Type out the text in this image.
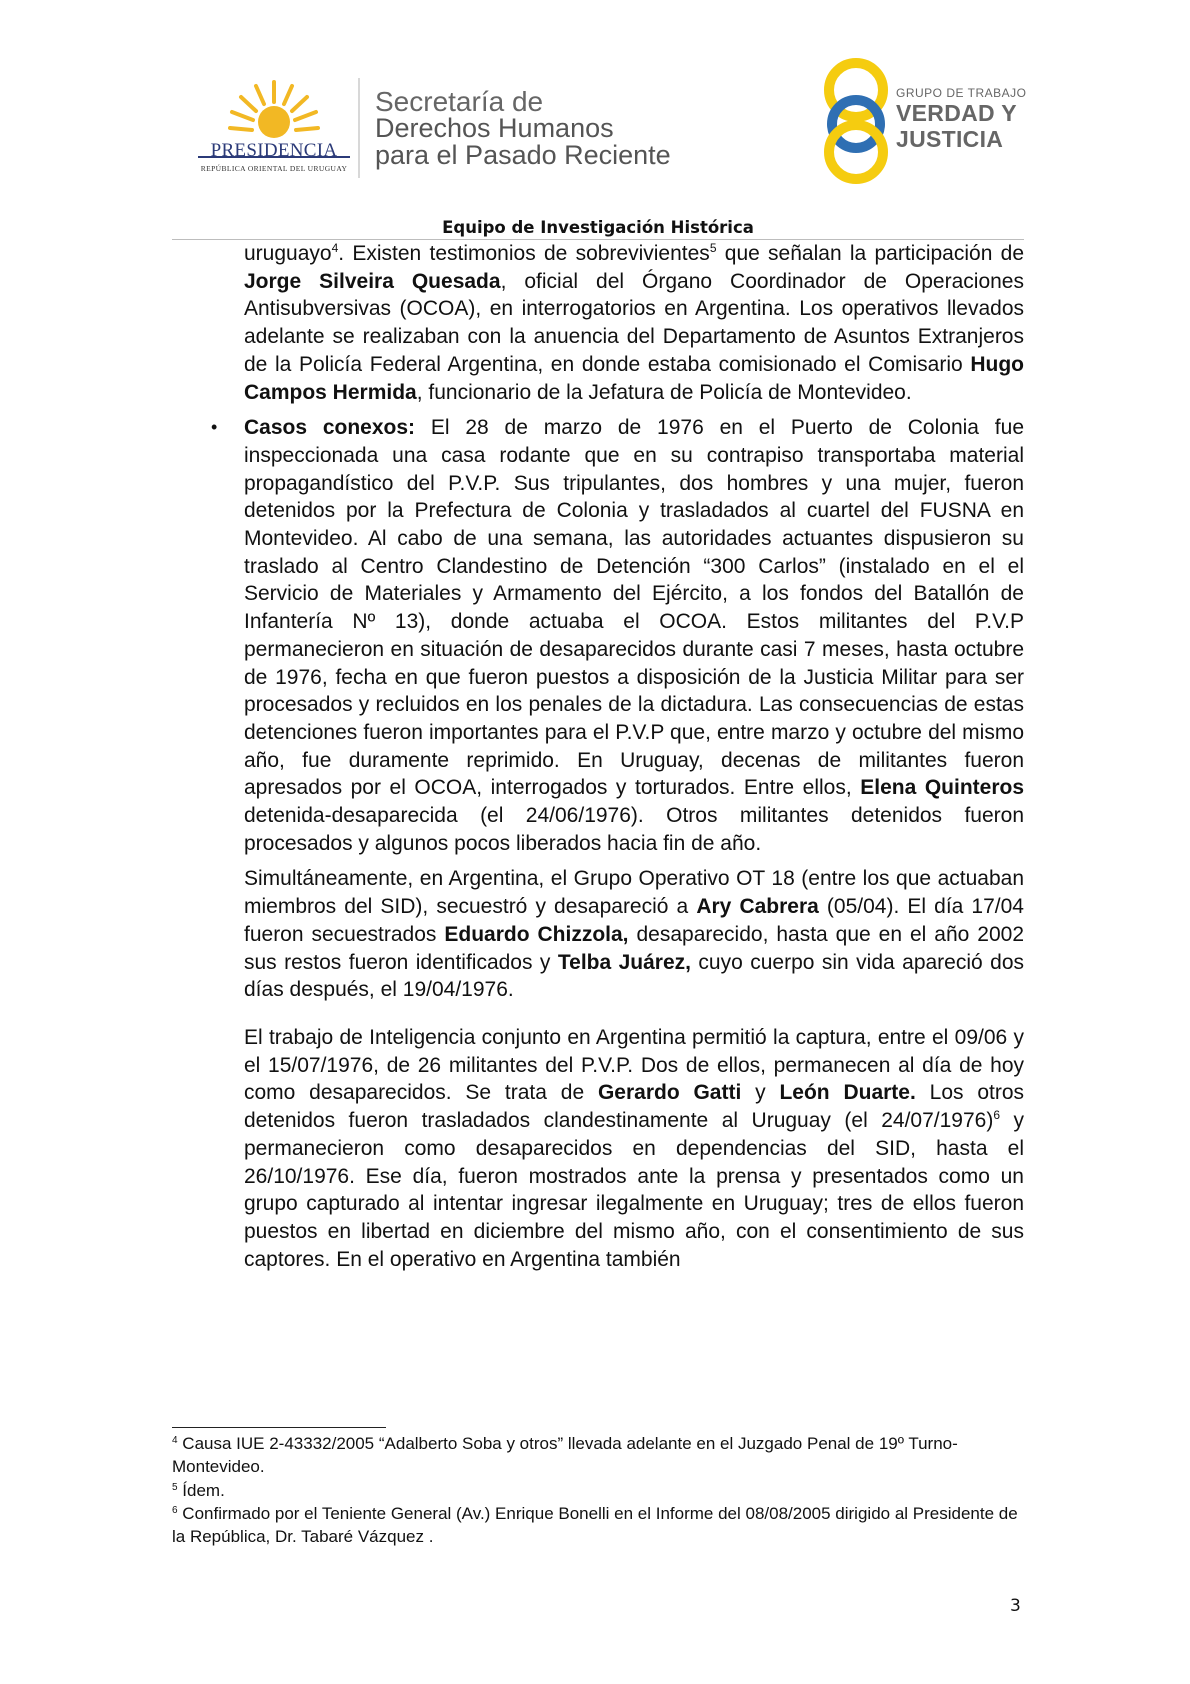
PRESIDENCIA
REPÚBLICA ORIENTAL DEL URUGUAY
Secretaría de
Derechos Humanos
para el Pasado Reciente
GRUPO DE TRABAJO
VERDAD Y
JUSTICIA
Equipo de Investigación Histórica

uruguayo$^4$. Existen testimonios de sobrevivientes$^5$ que señalan la participación de Jorge Silveira Quesada, oficial del Órgano Coordinador de Operaciones Antisubversivas (OCOA), en interrogatorios en Argentina. Los operativos llevados adelante se realizaban con la anuencia del Departamento de Asuntos Extranjeros de la Policía Federal Argentina, en donde estaba comisionado el Comisario Hugo Campos Hermida, funcionario de la Jefatura de Policía de Montevideo.

• Casos conexos: El 28 de marzo de 1976 en el Puerto de Colonia fue inspeccionada una casa rodante que en su contrapiso transportaba material propagandístico del P.V.P. Sus tripulantes, dos hombres y una mujer, fueron detenidos por la Prefectura de Colonia y trasladados al cuartel del FUSNA en Montevideo. Al cabo de una semana, las autoridades actuantes dispusieron su traslado al Centro Clandestino de Detención “300 Carlos” (instalado en el el Servicio de Materiales y Armamento del Ejército, a los fondos del Batallón de Infantería Nº 13), donde actuaba el OCOA. Estos militantes del P.V.P permanecieron en situación de desaparecidos durante casi 7 meses, hasta octubre de 1976, fecha en que fueron puestos a disposición de la Justicia Militar para ser procesados y recluidos en los penales de la dictadura. Las consecuencias de estas detenciones fueron importantes para el P.V.P que, entre marzo y octubre del mismo año, fue duramente reprimido. En Uruguay, decenas de militantes fueron apresados por el OCOA, interrogados y torturados. Entre ellos, Elena Quinteros detenida-desaparecida (el 24/06/1976). Otros militantes detenidos fueron procesados y algunos pocos liberados hacia fin de año.

Simultáneamente, en Argentina, el Grupo Operativo OT 18 (entre los que actuaban miembros del SID), secuestró y desapareció a Ary Cabrera (05/04). El día 17/04 fueron secuestrados Eduardo Chizzola, desaparecido, hasta que en el año 2002 sus restos fueron identificados y Telba Juárez, cuyo cuerpo sin vida apareció dos días después, el 19/04/1976.

El trabajo de Inteligencia conjunto en Argentina permitió la captura, entre el 09/06 y el 15/07/1976, de 26 militantes del P.V.P. Dos de ellos, permanecen al día de hoy como desaparecidos. Se trata de Gerardo Gatti y León Duarte. Los otros detenidos fueron trasladados clandestinamente al Uruguay (el 24/07/1976)$^6$ y permanecieron como desaparecidos en dependencias del SID, hasta el 26/10/1976. Ese día, fueron mostrados ante la prensa y presentados como un grupo capturado al intentar ingresar ilegalmente en Uruguay; tres de ellos fueron puestos en libertad en diciembre del mismo año, con el consentimiento de sus captores. En el operativo en Argentina también

$^4$ Causa IUE 2-43332/2005 “Adalberto Soba y otros” llevada adelante en el Juzgado Penal de 19º Turno-Montevideo.

$^5$ Ídem.

$^6$ Confirmado por el Teniente General (Av.) Enrique Bonelli en el Informe del 08/08/2005 dirigido al Presidente de la República, Dr. Tabaré Vázquez .

3
